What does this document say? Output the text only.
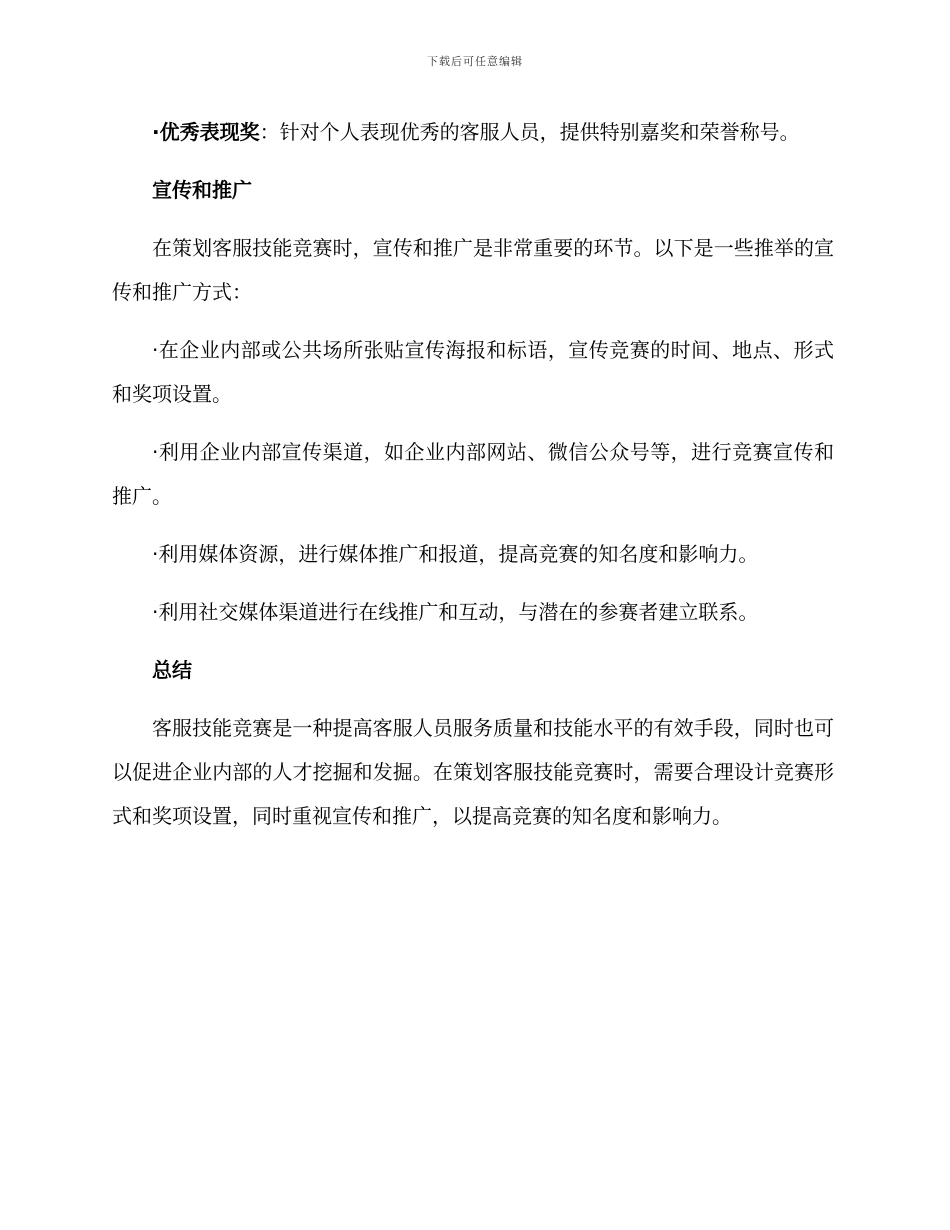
下载后可任意编辑

·优秀表现奖：针对个人表现优秀的客服人员，提供特别嘉奖和荣誉称号。

宣传和推广

在策划客服技能竞赛时，宣传和推广是非常重要的环节。以下是一些推举的宣传和推广方式：

·在企业内部或公共场所张贴宣传海报和标语，宣传竞赛的时间、地点、形式和奖项设置。

·利用企业内部宣传渠道，如企业内部网站、微信公众号等，进行竞赛宣传和推广。

·利用媒体资源，进行媒体推广和报道，提高竞赛的知名度和影响力。

·利用社交媒体渠道进行在线推广和互动，与潜在的参赛者建立联系。

总结

客服技能竞赛是一种提高客服人员服务质量和技能水平的有效手段，同时也可以促进企业内部的人才挖掘和发掘。在策划客服技能竞赛时，需要合理设计竞赛形式和奖项设置，同时重视宣传和推广，以提高竞赛的知名度和影响力。
